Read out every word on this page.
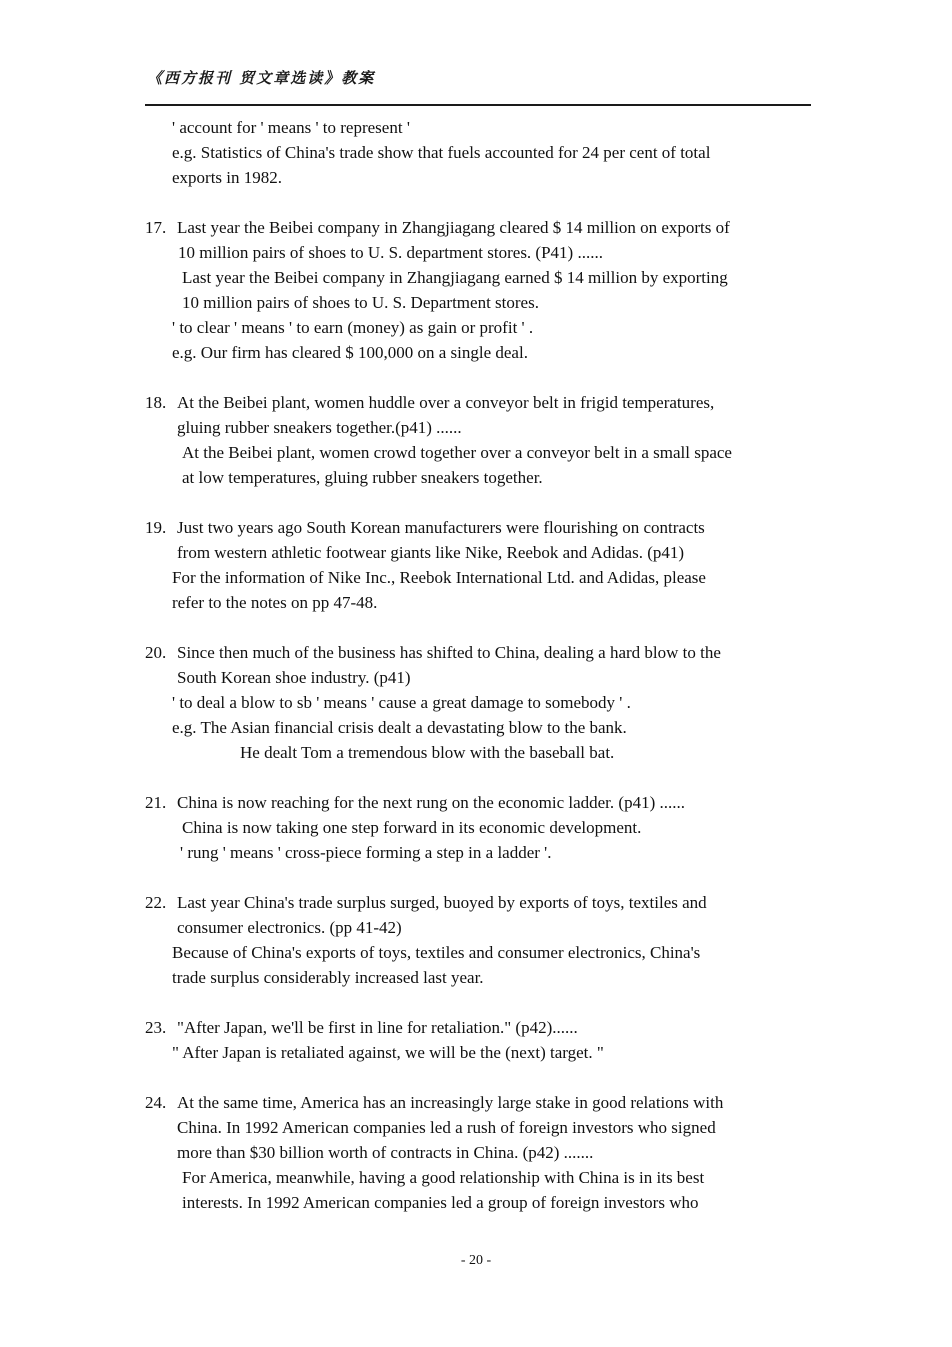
《西方报刊 贸文章选读》教案
' account for ' means ' to represent '
e.g. Statistics of China's trade show that fuels accounted for 24 per cent of total
exports in 1982.
17. Last year the Beibei company in Zhangjiagang cleared $ 14 million on exports of
10 million pairs of shoes to U. S. department stores. (P41) ......
Last year the Beibei company in Zhangjiagang earned $ 14 million by exporting
10 million pairs of shoes to U. S. Department stores.
' to clear ' means ' to earn (money) as gain or profit ' .
e.g. Our firm has cleared $ 100,000 on a single deal.
18. At the Beibei plant, women huddle over a conveyor belt in frigid temperatures,
gluing rubber sneakers together.(p41) ......
At the Beibei plant, women crowd together over a conveyor belt in a small space
at low temperatures, gluing rubber sneakers together.
19. Just two years ago South Korean manufacturers were flourishing on contracts
from western athletic footwear giants like Nike, Reebok and Adidas. (p41)
For the information of Nike Inc., Reebok International Ltd. and Adidas, please
refer to the notes on pp 47-48.
20. Since then much of the business has shifted to China, dealing a hard blow to the
South Korean shoe industry. (p41)
' to deal a blow to sb ' means ' cause a great damage to somebody ' .
e.g. The Asian financial crisis dealt a devastating blow to the bank.
He dealt Tom a tremendous blow with the baseball bat.
21. China is now reaching for the next rung on the economic ladder. (p41) ......
China is now taking one step forward in its economic development.
' rung ' means ' cross-piece forming a step in a ladder '.
22. Last year China's trade surplus surged, buoyed by exports of toys, textiles and
consumer electronics. (pp 41-42)
Because of China's exports of toys, textiles and consumer electronics, China's
trade surplus considerably increased last year.
23. "After Japan, we'll be first in line for retaliation." (p42)......
" After Japan is retaliated against, we will be the (next) target. "
24. At the same time, America has an increasingly large stake in good relations with
China. In 1992 American companies led a rush of foreign investors who signed
more than $30 billion worth of contracts in China. (p42) .......
For America, meanwhile, having a good relationship with China is in its best
interests. In 1992 American companies led a group of foreign investors who
- 20 -
